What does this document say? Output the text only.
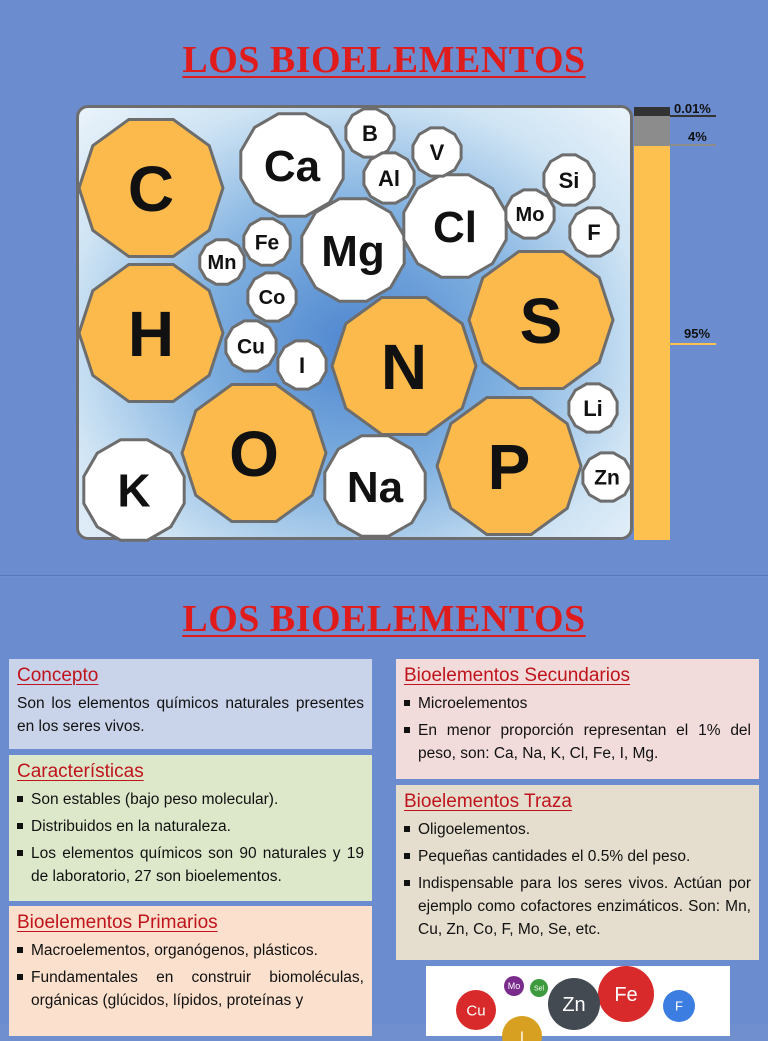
LOS BIOELEMENTOS
C
H
O
N
S
P
K
Ca
Mg Cl
Na
B
Al
V
Si
Mo
F
Fe
Mn
Co
Cu
I
Li
Zn
0.01%
4%
95%
LOS BIOELEMENTOS
Concepto

Son los elementos químicos naturales presentes en los seres vivos.

Características
Son estables (bajo peso molecular).
Distribuidos en la naturaleza.
Los elementos químicos son 90 naturales y 19 de laboratorio, 27 son bioelementos.
Bioelementos Primarios
Macroelementos, organógenos, plásticos.
Fundamentales en construir biomoléculas, orgánicas (glúcidos, lípidos, proteínas y
Bioelementos Secundarios
Microelementos
En menor proporción representan el 1% del peso, son: Ca, Na, K, Cl, Fe, I, Mg.
Bioelementos Traza
Oligoelementos.
Pequeñas cantidades el 0.5% del peso.
Indispensable para los seres vivos. Actúan por ejemplo como cofactores enzimáticos. Son: Mn, Cu, Zn, Co, F, Mo, Se, etc.
Mo Sel	Fe
Zn
Cu	F
I
